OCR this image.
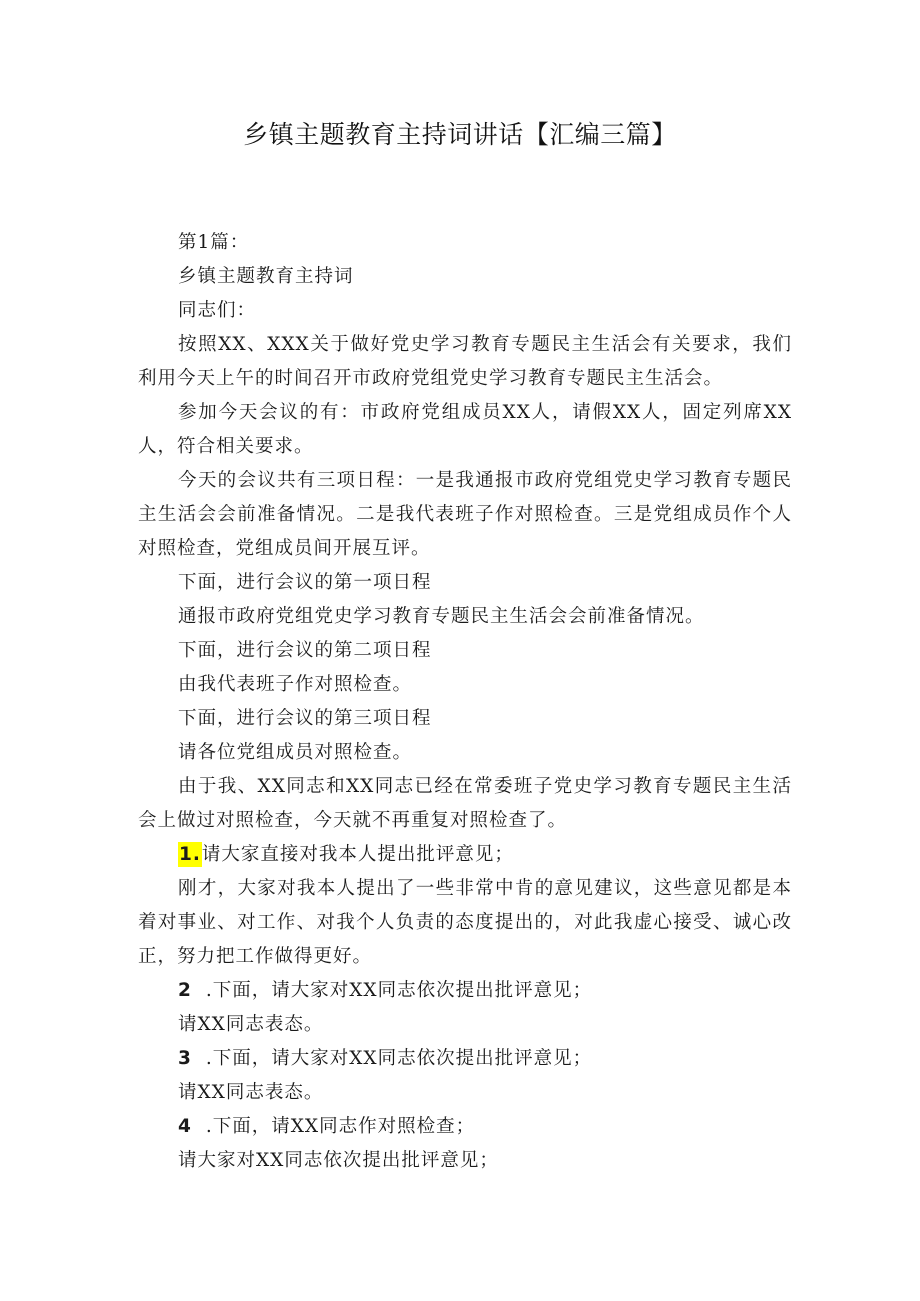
乡镇主题教育主持词讲话【汇编三篇】

第1篇：

乡镇主题教育主持词

同志们：

按照XX、XXX关于做好党史学习教育专题民主生活会有关要求，我们利用今天上午的时间召开市政府党组党史学习教育专题民主生活会。

参加今天会议的有：市政府党组成员XX人，请假XX人，固定列席XX人，符合相关要求。

今天的会议共有三项日程：一是我通报市政府党组党史学习教育专题民主生活会会前准备情况。二是我代表班子作对照检查。三是党组成员作个人对照检查，党组成员间开展互评。

下面，进行会议的第一项日程

通报市政府党组党史学习教育专题民主生活会会前准备情况。

下面，进行会议的第二项日程

由我代表班子作对照检查。

下面，进行会议的第三项日程

请各位党组成员对照检查。

由于我、XX同志和XX同志已经在常委班子党史学习教育专题民主生活会上做过对照检查，今天就不再重复对照检查了。

1.请大家直接对我本人提出批评意见；

刚才，大家对我本人提出了一些非常中肯的意见建议，这些意见都是本着对事业、对工作、对我个人负责的态度提出的，对此我虚心接受、诚心改正，努力把工作做得更好。

2 .下面，请大家对XX同志依次提出批评意见；

请XX同志表态。

3 .下面，请大家对XX同志依次提出批评意见；

请XX同志表态。

4 .下面，请XX同志作对照检查；

请大家对XX同志依次提出批评意见；
